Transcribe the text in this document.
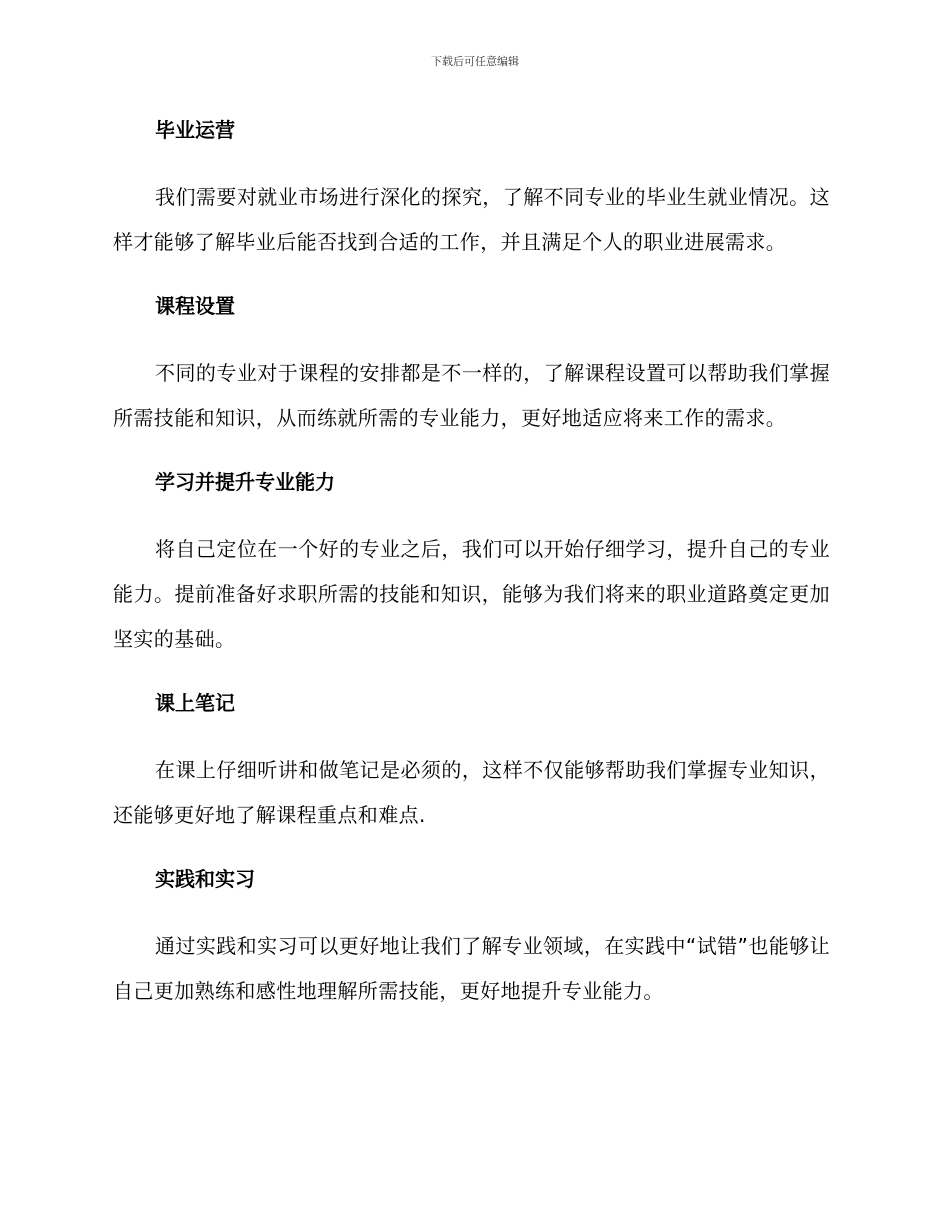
下载后可任意编辑
毕业运营

我们需要对就业市场进行深化的探究，了解不同专业的毕业生就业情况。这样才能够了解毕业后能否找到合适的工作，并且满足个人的职业进展需求。

课程设置

不同的专业对于课程的安排都是不一样的，了解课程设置可以帮助我们掌握所需技能和知识，从而练就所需的专业能力，更好地适应将来工作的需求。

学习并提升专业能力

将自己定位在一个好的专业之后，我们可以开始仔细学习，提升自己的专业能力。提前准备好求职所需的技能和知识，能够为我们将来的职业道路奠定更加坚实的基础。

课上笔记

在课上仔细听讲和做笔记是必须的，这样不仅能够帮助我们掌握专业知识，还能够更好地了解课程重点和难点.

实践和实习

通过实践和实习可以更好地让我们了解专业领域，在实践中“试错”也能够让自己更加熟练和感性地理解所需技能，更好地提升专业能力。
